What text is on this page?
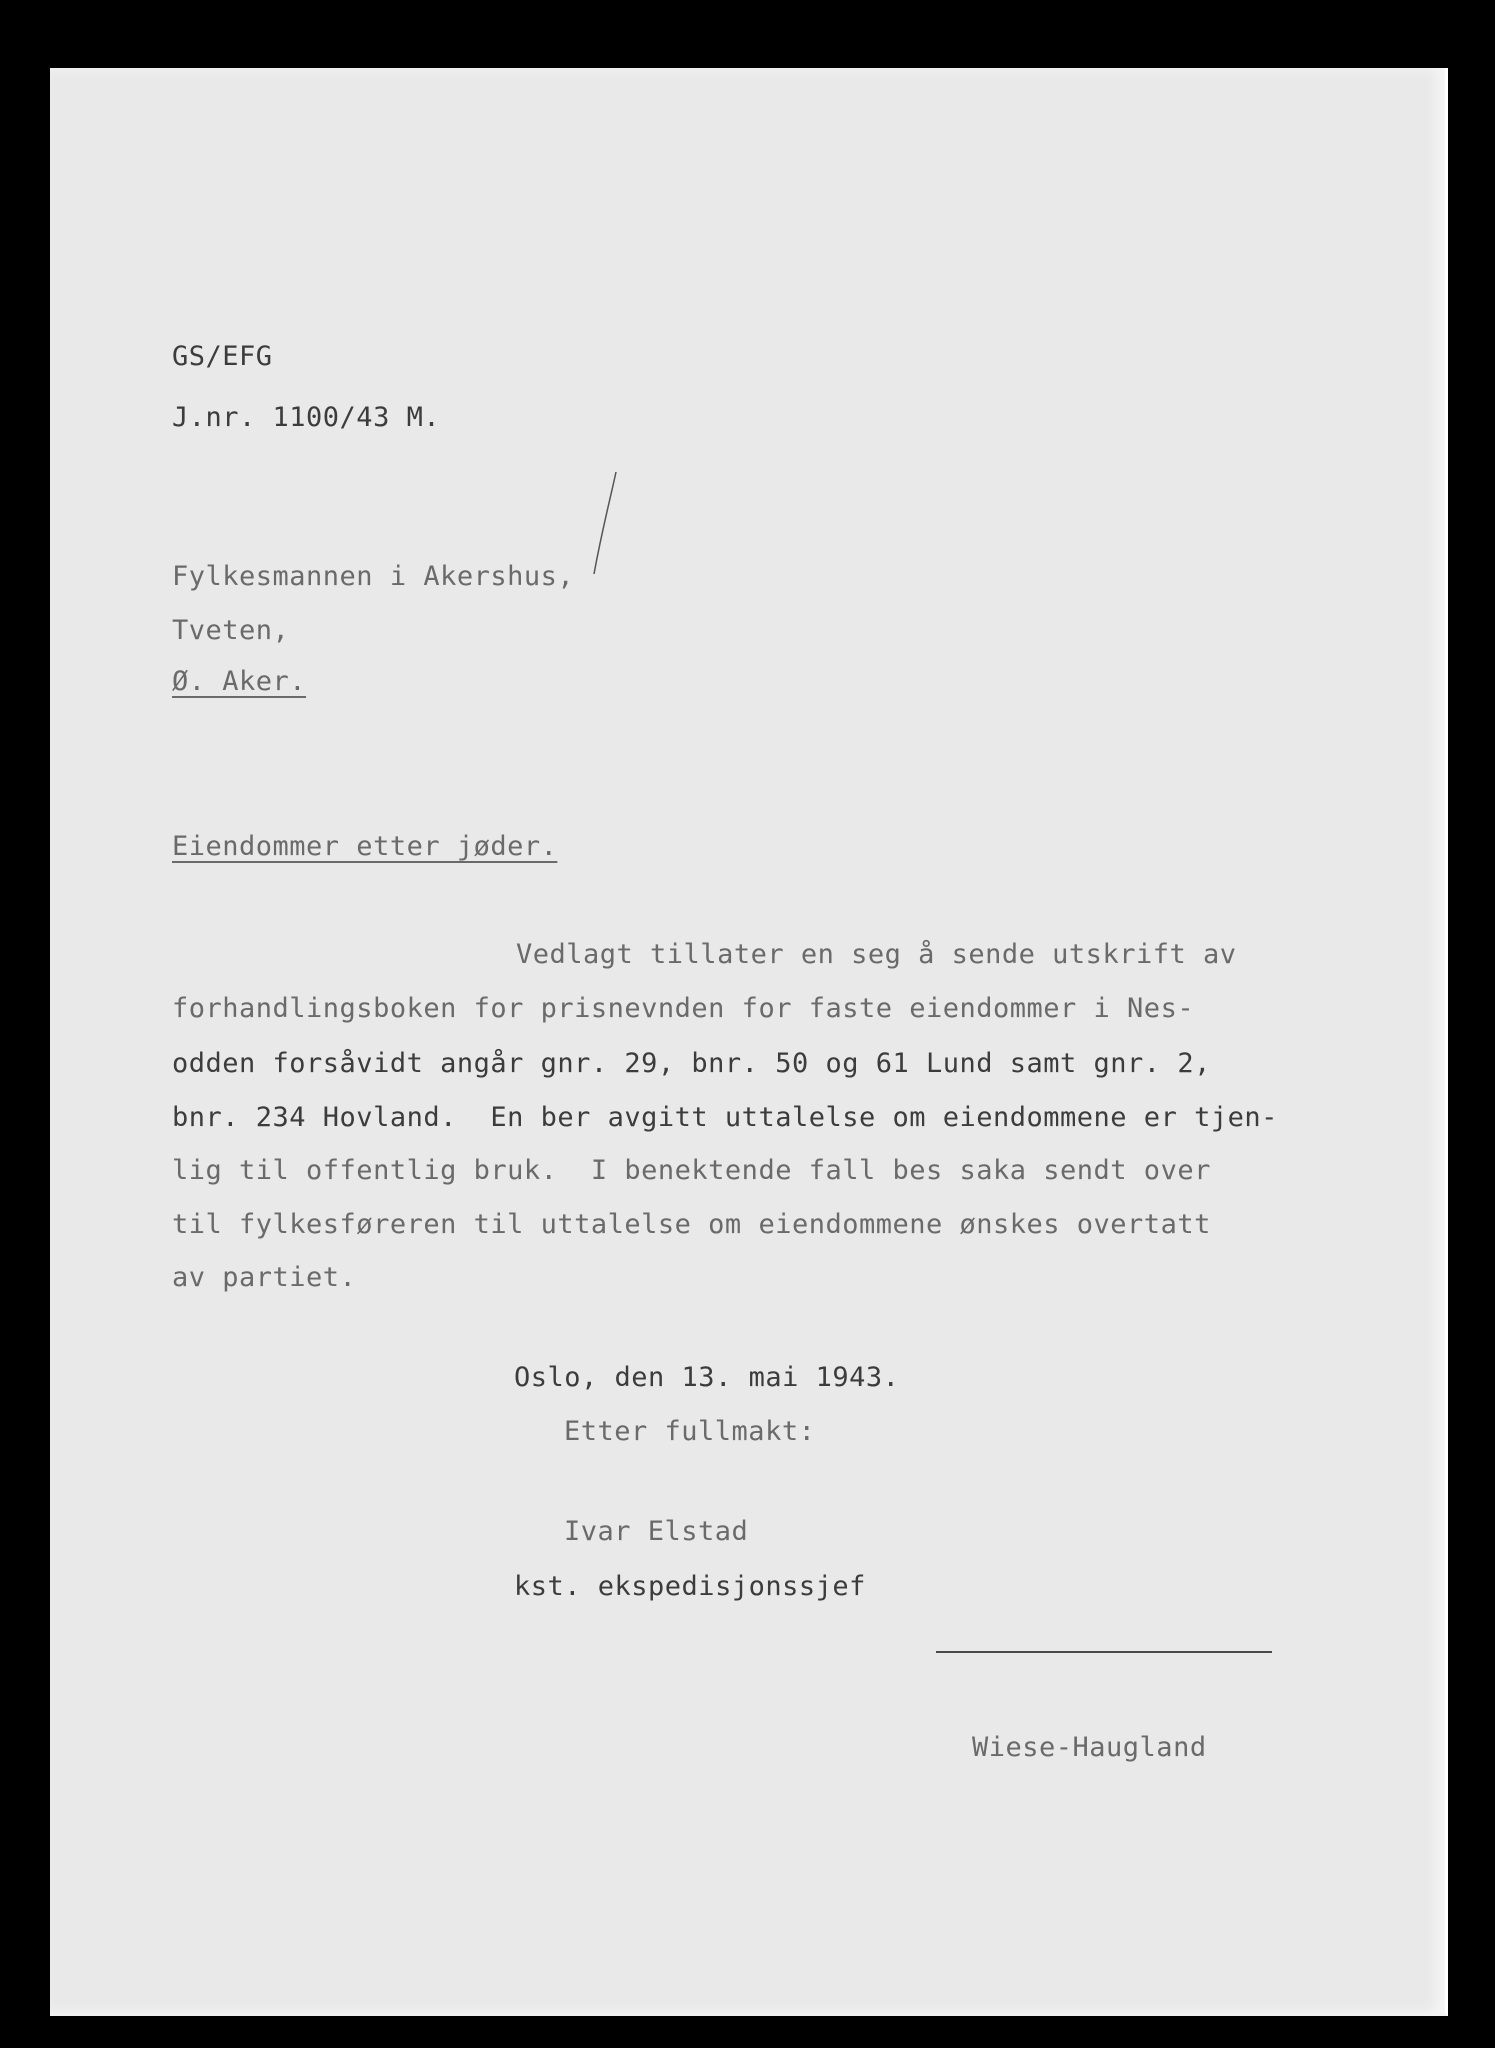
GS/EFG
J.nr. 1100/43 M.
Fylkesmannen i Akershus,
Tveten,
Ø. Aker.
Eiendommer etter jøder.
Vedlagt tillater en seg å sende utskrift av
forhandlingsboken for prisnevnden for faste eiendommer i Nes-
odden forsåvidt angår gnr. 29, bnr. 50 og 61 Lund samt gnr. 2,
bnr. 234 Hovland.  En ber avgitt uttalelse om eiendommene er tjen-
lig til offentlig bruk.  I benektende fall bes saka sendt over
til fylkesføreren til uttalelse om eiendommene ønskes overtatt
av partiet.
Oslo, den 13. mai 1943.
Etter fullmakt:
Ivar Elstad
kst. ekspedisjonssjef
Wiese-Haugland
